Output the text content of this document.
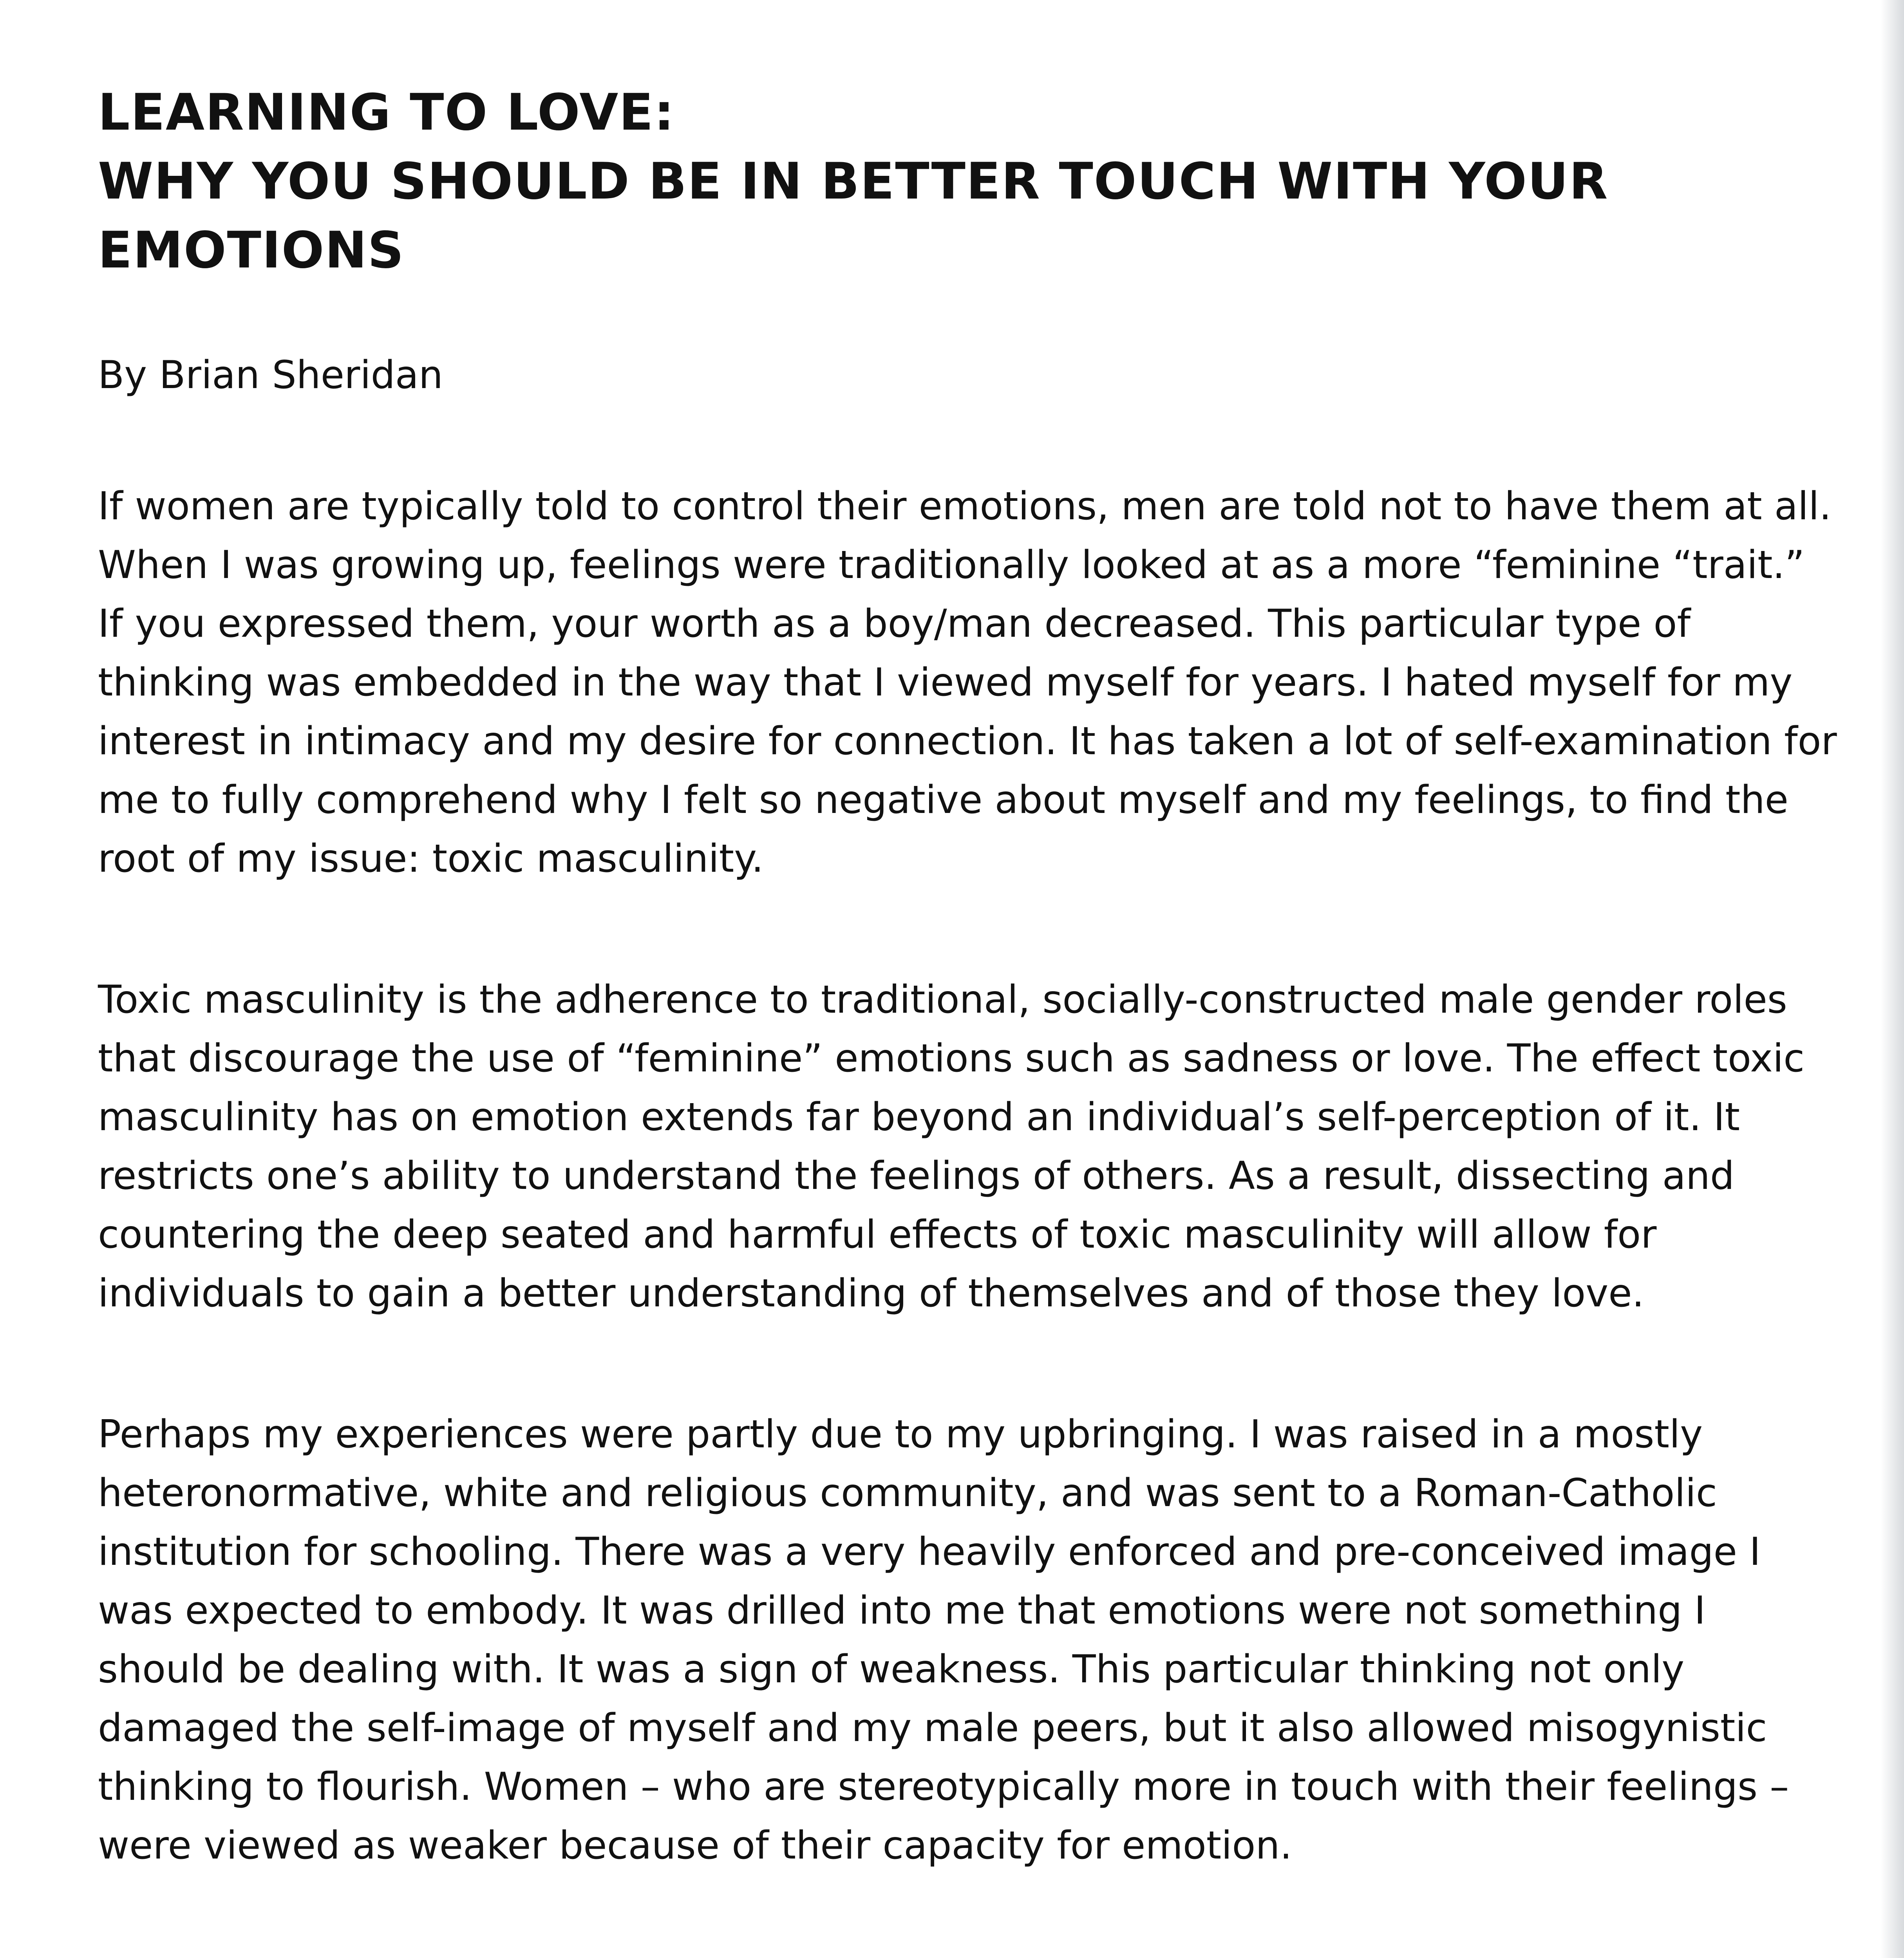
LEARNING TO LOVE:
WHY YOU SHOULD BE IN BETTER TOUCH WITH YOUR
EMOTIONS

By Brian Sheridan

If women are typically told to control their emotions, men are told not to have them at all. When I was growing up, feelings were traditionally looked at as a more “feminine “trait.” If you expressed them, your worth as a boy/man decreased. This particular type of thinking was embedded in the way that I viewed myself for years. I hated myself for my interest in intimacy and my desire for connection. It has taken a lot of self-examination for me to fully comprehend why I felt so negative about myself and my feelings, to find the root of my issue: toxic masculinity.

Toxic masculinity is the adherence to traditional, socially-constructed male gender roles that discourage the use of “feminine” emotions such as sadness or love. The effect toxic masculinity has on emotion extends far beyond an individual’s self-perception of it. It restricts one’s ability to understand the feelings of others. As a result, dissecting and countering the deep seated and harmful effects of toxic masculinity will allow for individuals to gain a better understanding of themselves and of those they love.

Perhaps my experiences were partly due to my upbringing. I was raised in a mostly heteronormative, white and religious community, and was sent to a Roman-Catholic institution for schooling. There was a very heavily enforced and pre-conceived image I was expected to embody. It was drilled into me that emotions were not something I should be dealing with. It was a sign of weakness. This particular thinking not only damaged the self-image of myself and my male peers, but it also allowed misogynistic thinking to flourish. Women – who are stereotypically more in touch with their feelings – were viewed as weaker because of their capacity for emotion.
